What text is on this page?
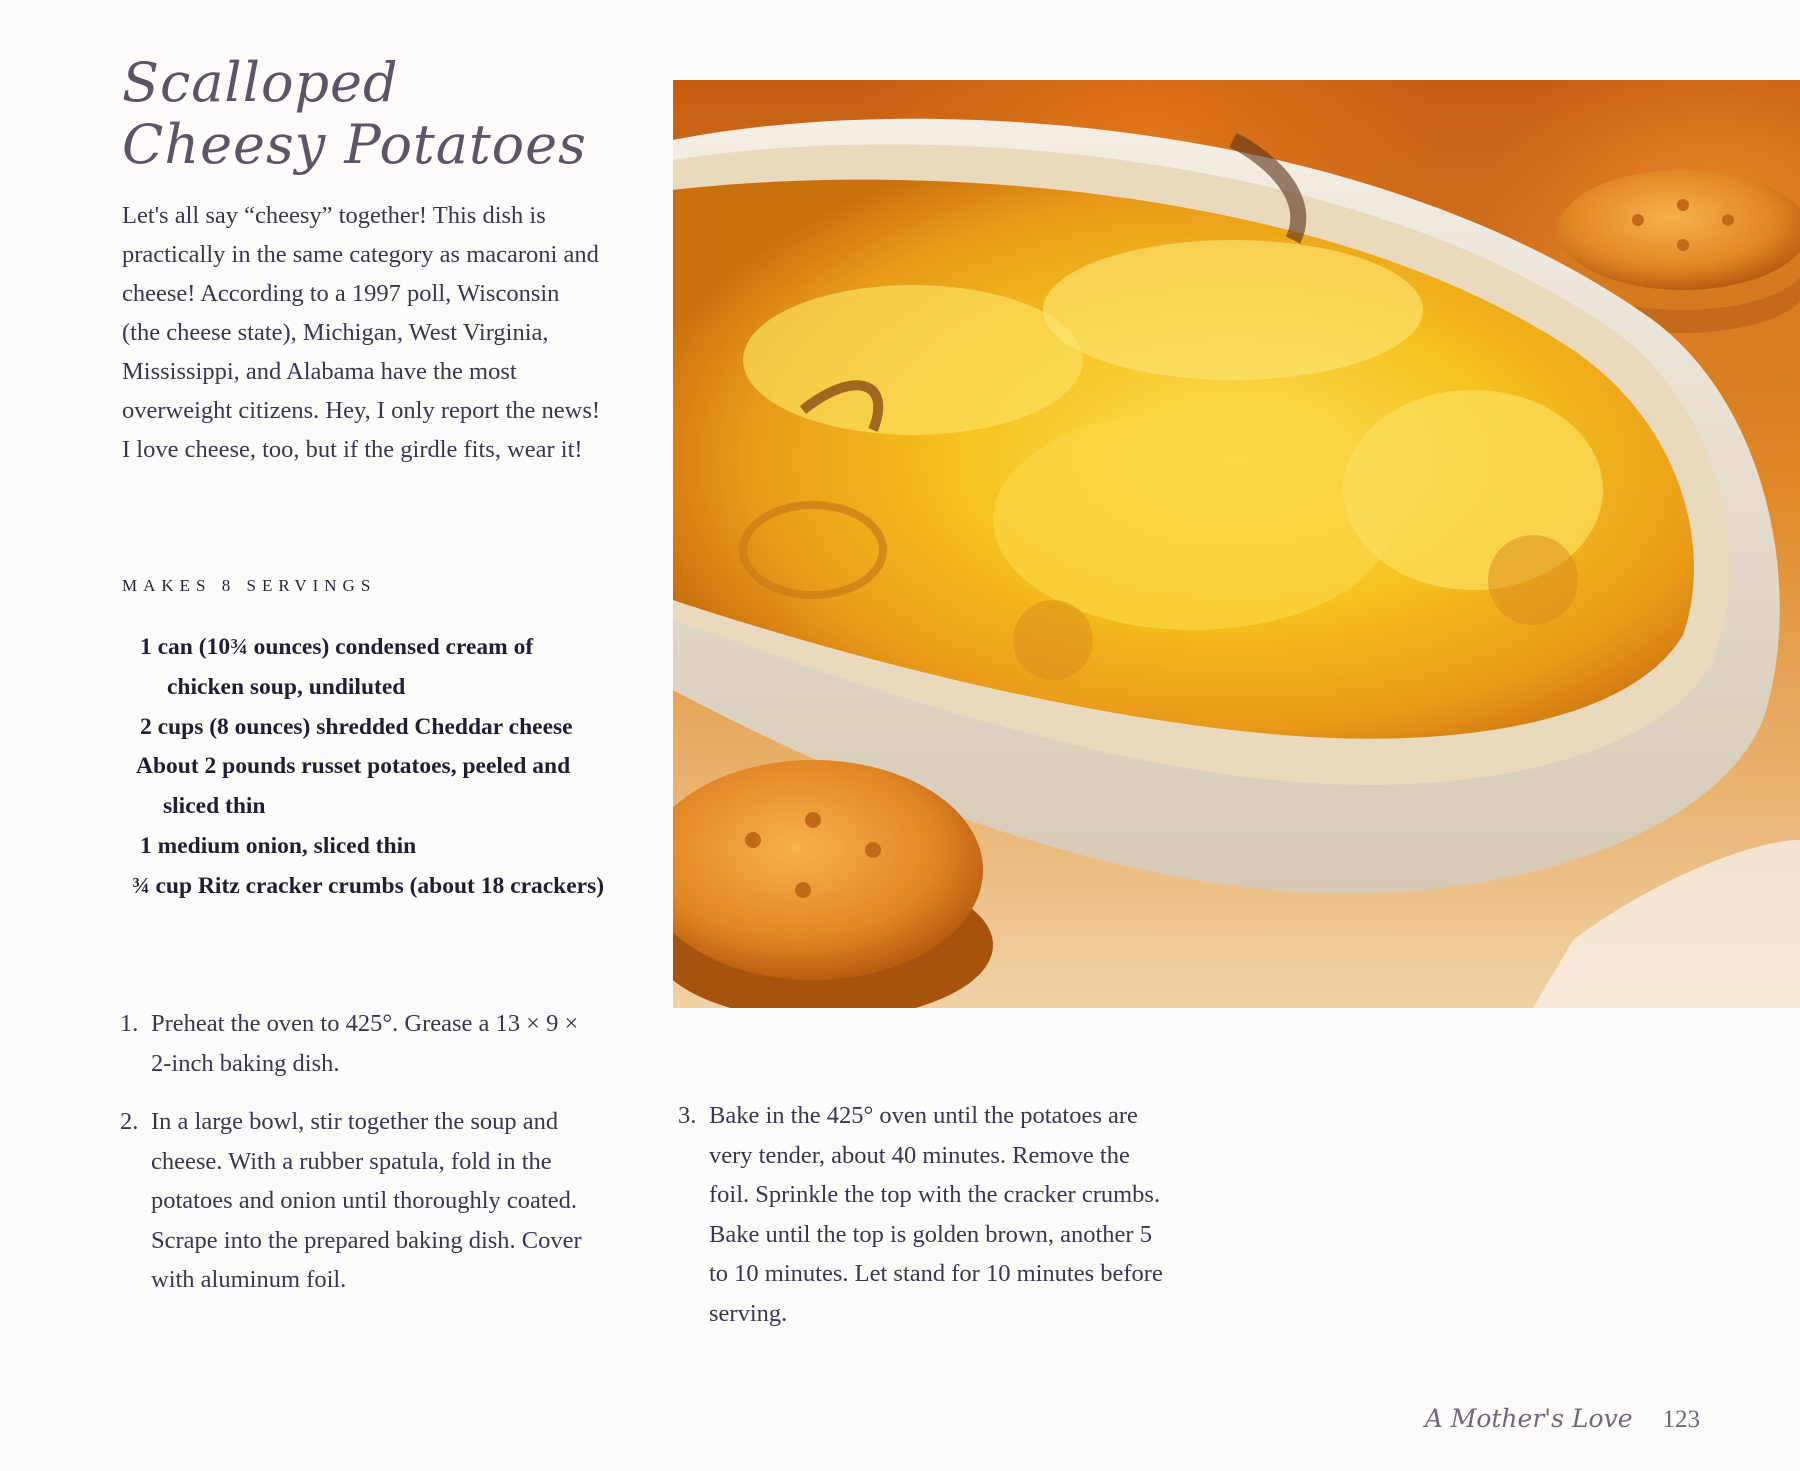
Scalloped
Cheesy Potatoes

Let's all say “cheesy” together! This dish is practically in the same category as macaroni and cheese! According to a 1997 poll, Wisconsin (the cheese state), Michigan, West Virginia, Mississippi, and Alabama have the most overweight citizens. Hey, I only report the news! I love cheese, too, but if the girdle fits, wear it!

MAKES 8 SERVINGS
1 can (10¾ ounces) condensed cream of chicken soup, undiluted
2 cups (8 ounces) shredded Cheddar cheese
About 2 pounds russet potatoes, peeled and sliced thin
1 medium onion, sliced thin
¾ cup Ritz cracker crumbs (about 18 crackers)
1. Preheat the oven to 425°. Grease a 13 × 9 × 2-inch baking dish.
2. In a large bowl, stir together the soup and cheese. With a rubber spatula, fold in the potatoes and onion until thoroughly coated. Scrape into the prepared baking dish. Cover with aluminum foil.
3. Bake in the 425° oven until the potatoes are very tender, about 40 minutes. Remove the foil. Sprinkle the top with the cracker crumbs. Bake until the top is golden brown, another 5 to 10 minutes. Let stand for 10 minutes before serving.
A Mother's Love 123
